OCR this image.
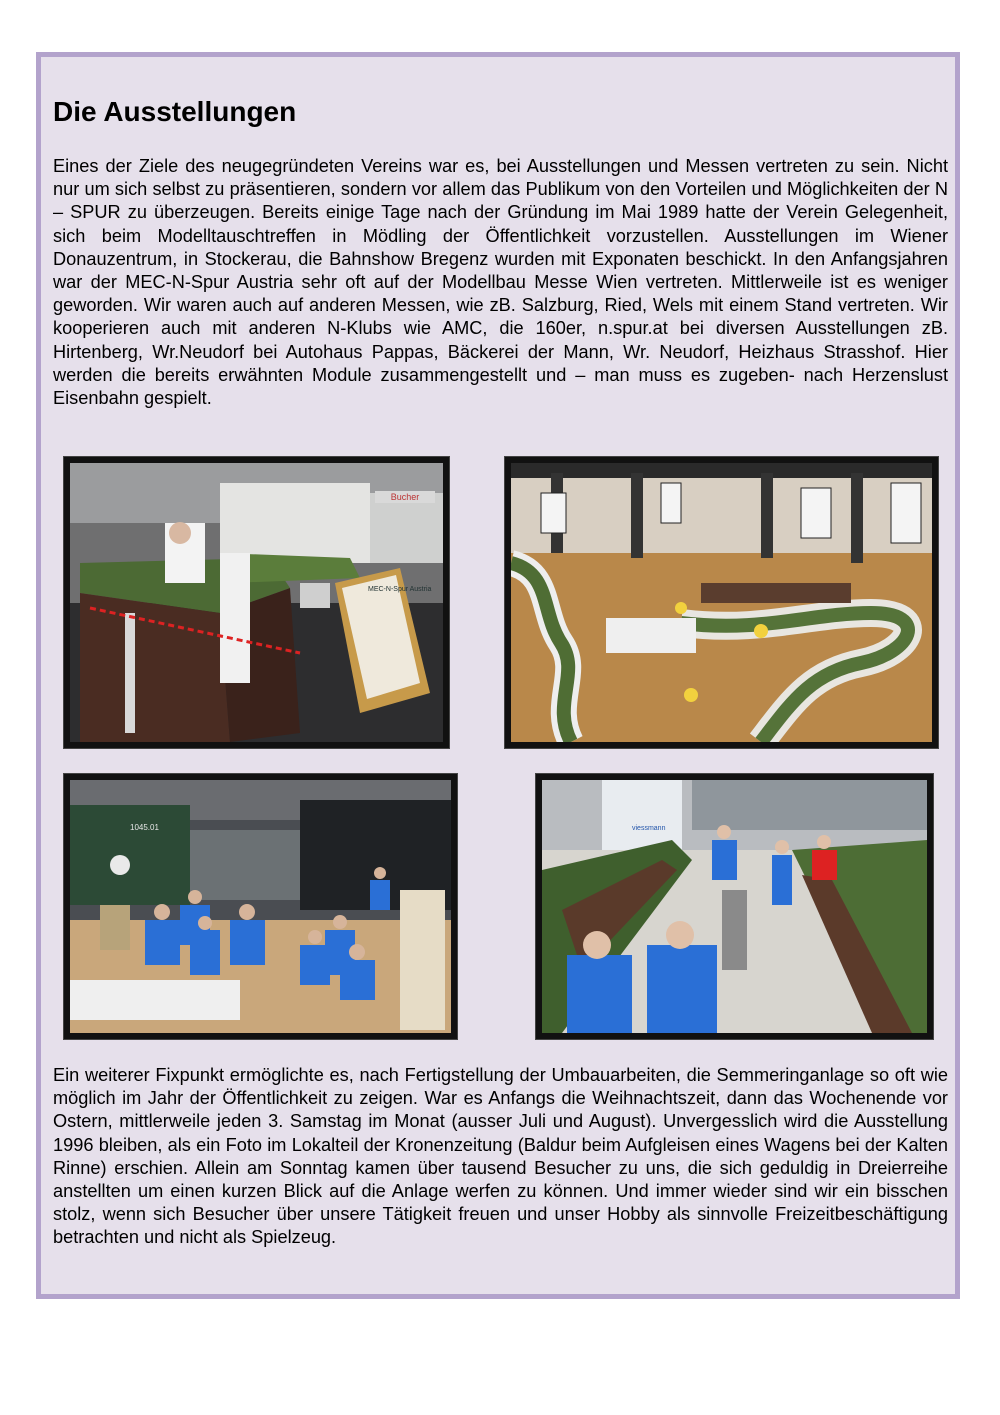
Die Ausstellungen

Eines der Ziele des neugegründeten Vereins war es, bei Ausstellungen und Messen vertreten zu sein. Nicht nur um sich selbst zu präsentieren, sondern vor allem das Publikum von den Vorteilen und Möglichkeiten der N – SPUR zu überzeugen. Bereits einige Tage nach der Gründung im Mai 1989 hatte der Verein Gelegenheit, sich beim Modelltauschtreffen in Mödling der Öffentlichkeit vorzustellen. Ausstellungen im Wiener Donauzentrum, in Stockerau, die Bahnshow Bregenz wurden mit Exponaten beschickt. In den Anfangsjahren war der MEC-N-Spur Austria sehr oft auf der Modellbau Messe Wien vertreten. Mittlerweile ist es weniger geworden. Wir waren auch auf anderen Messen, wie zB. Salzburg, Ried, Wels mit einem Stand vertreten. Wir kooperieren auch mit anderen N-Klubs wie AMC, die 160er, n.spur.at bei diversen Ausstellungen zB. Hirtenberg, Wr.Neudorf bei Autohaus Pappas, Bäckerei der Mann, Wr. Neudorf, Heizhaus Strasshof. Hier werden die bereits erwähnten Module zusammengestellt und – man muss es zugeben- nach Herzenslust Eisenbahn gespielt.

Bucher
MEC-N-Spur Austria
1045.01	viessmann

Ein weiterer Fixpunkt ermöglichte es, nach Fertigstellung der Umbauarbeiten, die Semmeringanlage so oft wie möglich im Jahr der Öffentlichkeit zu zeigen. War es Anfangs die Weihnachtszeit, dann das Wochenende vor Ostern, mittlerweile jeden 3. Samstag im Monat (ausser Juli und August). Unvergesslich wird die Ausstellung 1996 bleiben, als ein Foto im Lokalteil der Kronenzeitung (Baldur beim Aufgleisen eines Wagens bei der Kalten Rinne) erschien. Allein am Sonntag kamen über tausend Besucher zu uns, die sich geduldig in Dreierreihe anstellten um einen kurzen Blick auf die Anlage werfen zu können. Und immer wieder sind wir ein bisschen stolz, wenn sich Besucher über unsere Tätigkeit freuen und unser Hobby als sinnvolle Freizeitbeschäftigung betrachten und nicht als Spielzeug.
